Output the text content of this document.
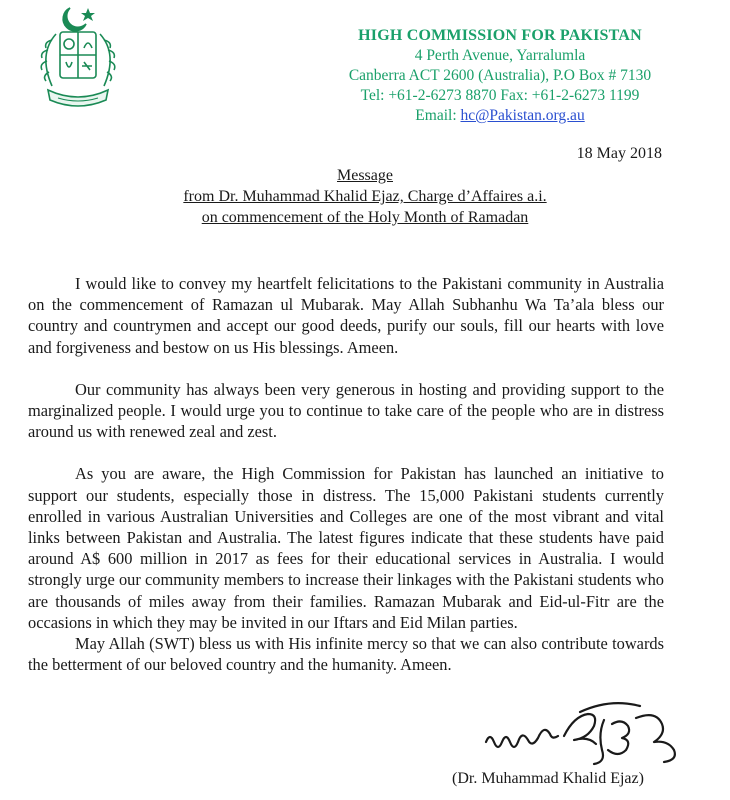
HIGH COMMISSION FOR PAKISTAN
4 Perth Avenue, Yarralumla
Canberra ACT 2600 (Australia), P.O Box # 7130
Tel: +61-2-6273 8870 Fax: +61-2-6273 1199
Email: hc@Pakistan.org.au
18 May 2018
Message
from Dr. Muhammad Khalid Ejaz, Charge d’Affaires a.i.
on commencement of the Holy Month of Ramadan

I would like to convey my heartfelt felicitations to the Pakistani community in Australia on the commencement of Ramazan ul Mubarak. May Allah Subhanhu Wa Ta’ala bless our country and countrymen and accept our good deeds, purify our souls, fill our hearts with love and forgiveness and bestow on us His blessings. Ameen.

Our community has always been very generous in hosting and providing support to the marginalized people. I would urge you to continue to take care of the people who are in distress around us with renewed zeal and zest.

As you are aware, the High Commission for Pakistan has launched an initiative to support our students, especially those in distress. The 15,000 Pakistani students currently enrolled in various Australian Universities and Colleges are one of the most vibrant and vital links between Pakistan and Australia. The latest figures indicate that these students have paid around A$ 600 million in 2017 as fees for their educational services in Australia. I would strongly urge our community members to increase their linkages with the Pakistani students who are thousands of miles away from their families. Ramazan Mubarak and Eid-ul-Fitr are the occasions in which they may be invited in our Iftars and Eid Milan parties.

May Allah (SWT) bless us with His infinite mercy so that we can also contribute towards the betterment of our beloved country and the humanity. Ameen.

(Dr. Muhammad Khalid Ejaz)
